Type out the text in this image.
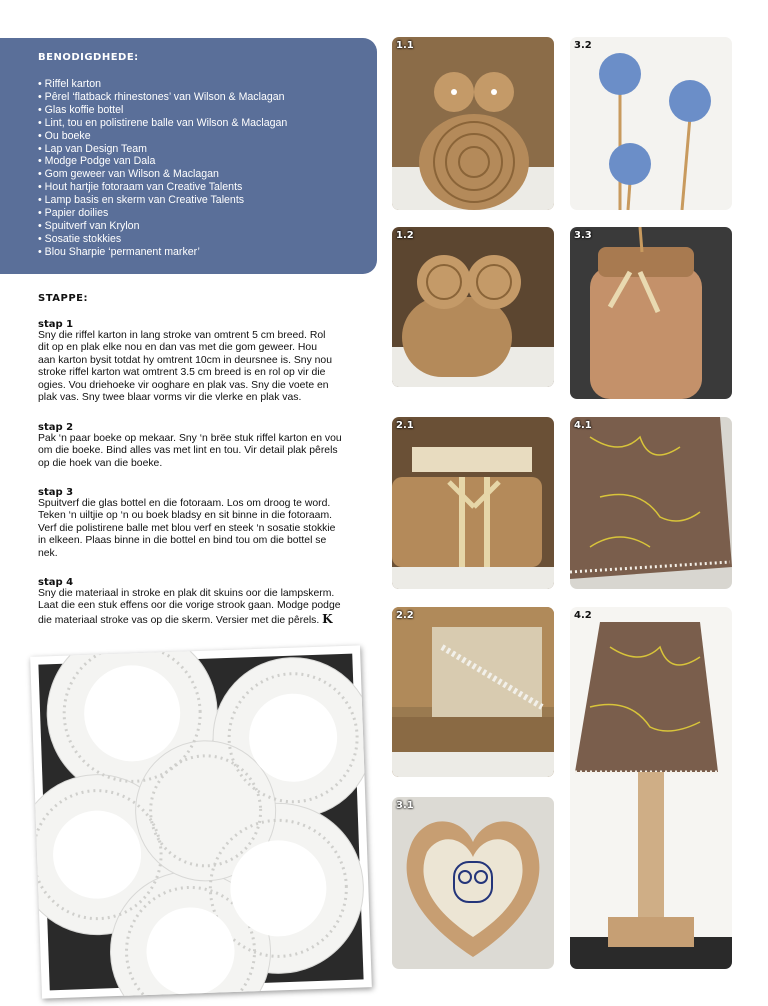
BENODIGDHEDE:
• Riffel karton
• Pêrel ‘flatback rhinestones’ van Wilson & Maclagan
• Glas koffie bottel
• Lint, tou en polistirene balle van Wilson & Maclagan
• Ou boeke
• Lap van Design Team
• Modge Podge van Dala
• Gom geweer van Wilson & Maclagan
• Hout hartjie fotoraam van Creative Talents
• Lamp basis en skerm van Creative Talents
• Papier doilies
• Spuitverf van Krylon
• Sosatie stokkies
• Blou Sharpie ‘permanent marker’
STAPPE:
stap 1
Sny die riffel karton in lang stroke van omtrent 5 cm breed. Rol
dit op en plak elke nou en dan vas met die gom geweer. Hou
aan karton bysit totdat hy omtrent 10cm in deursnee is. Sny nou
stroke riffel karton wat omtrent 3.5 cm breed is en rol op vir die
ogies. Vou driehoeke vir ooghare en plak vas. Sny die voete en
plak vas. Sny twee blaar vorms vir die vlerke en plak vas.
stap 2
Pak ‘n paar boeke op mekaar. Sny ‘n brëe stuk riffel karton en vou
om die boeke. Bind alles vas met lint en tou. Vir detail plak pêrels
op die hoek van die boeke.
stap 3
Spuitverf die glas bottel en die fotoraam. Los om droog te word.
Teken ‘n uiltjie op ‘n ou boek bladsy en sit binne in die fotoraam.
Verf die polistirene balle met blou verf en steek ‘n sosatie stokkie
in elkeen. Plaas binne in die bottel en bind tou om die bottel se
nek.
stap 4
Sny die materiaal in stroke en plak dit skuins oor die lampskerm.
Laat die een stuk effens oor die vorige strook gaan. Modge podge
die materiaal stroke vas op die skerm. Versier met die pêrels. K
1.1
1.2
2.1
2.2
3.1
3.2
3.3
4.1
4.2
